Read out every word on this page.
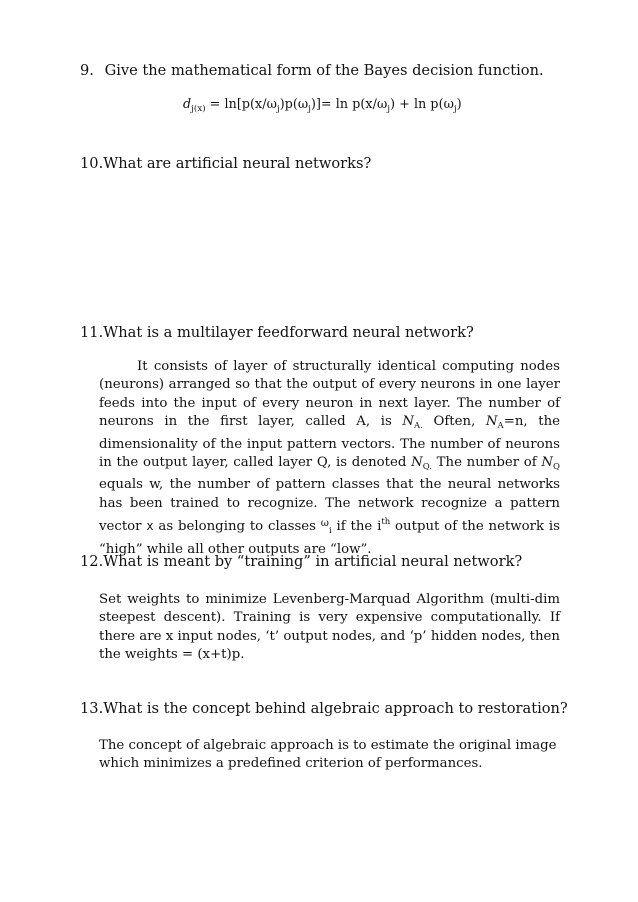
9. Give the mathematical form of the Bayes decision function.
$d_{j(x)} = \ln[p(x/\omega_j)p(\omega_j)]= \ln p(x/\omega_j) + \ln p(\omega_j)$
10.What are artificial neural networks?
11.What is a multilayer feedforward neural network?

It consists of layer of structurally identical computing nodes (neurons) arranged so that the output of every neurons in one layer feeds into the input of every neuron in next layer. The number of neurons in the first layer, called A, is $N_{A.}$ Often, $N_A=n$, the dimensionality of the input pattern vectors. The number of neurons in the output layer, called layer Q, is denoted $N_{Q.}$ The number of $N_Q$ equals w, the number of pattern classes that the neural networks has been trained to recognize. The network recognize a pattern vector x as belonging to classes $^\omega_i$ if the $i^{th}$ output of the network is “high” while all other outputs are “low”.

12.What is meant by “training” in artificial neural network?

Set weights to minimize Levenberg-Marquad Algorithm (multi-dim steepest descent). Training is very expensive computationally. If there are x input nodes, ‘t’ output nodes, and ‘p’ hidden nodes, then the weights = (x+t)p.

13.What is the concept behind algebraic approach to restoration?

The concept of algebraic approach is to estimate the original image which minimizes a predefined criterion of performances.
